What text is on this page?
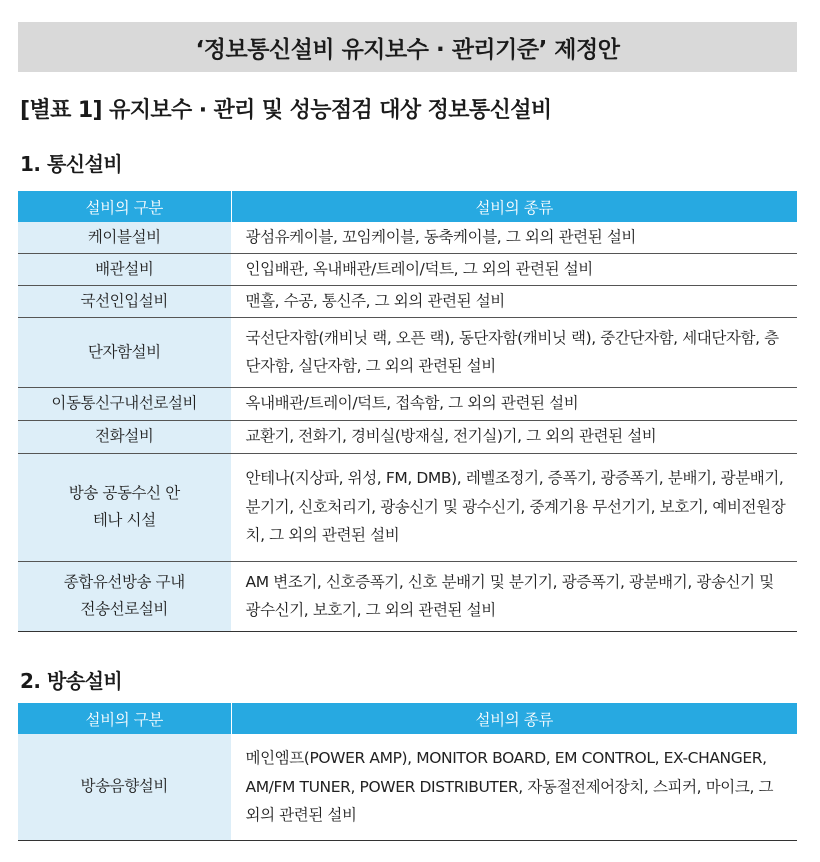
‘정보통신설비 유지보수 · 관리기준’ 제정안
[별표 1] 유지보수 · 관리 및 성능점검 대상 정보통신설비
1. 통신설비
설비의 구분	설비의 종류
케이블설비	광섬유케이블, 꼬임케이블, 동축케이블, 그 외의 관련된 설비
배관설비	인입배관, 옥내배관/트레이/덕트, 그 외의 관련된 설비
국선인입설비	맨홀, 수공, 통신주, 그 외의 관련된 설비
단자함설비	국선단자함(캐비닛 랙, 오픈 랙), 동단자함(캐비닛 랙), 중간단자함, 세대단자함, 층단자함, 실단자함, 그 외의 관련된 설비
이동통신구내선로설비	옥내배관/트레이/덕트, 접속함, 그 외의 관련된 설비
전화설비	교환기, 전화기, 경비실(방재실, 전기실)기, 그 외의 관련된 설비
방송 공동수신 안테나 시설	안테나(지상파, 위성, FM, DMB), 레벨조정기, 증폭기, 광증폭기, 분배기, 광분배기, 분기기, 신호처리기, 광송신기 및 광수신기, 중계기용 무선기기, 보호기, 예비전원장치, 그 외의 관련된 설비
종합유선방송 구내전송선로설비	AM 변조기, 신호증폭기, 신호 분배기 및 분기기, 광증폭기, 광분배기, 광송신기 및 광수신기, 보호기, 그 외의 관련된 설비
2. 방송설비
설비의 구분	설비의 종류
방송음향설비	메인엠프(POWER AMP), MONITOR BOARD, EM CONTROL, EX-CHANGER, AM/FM TUNER, POWER DISTRIBUTER, 자동절전제어장치, 스피커, 마이크, 그 외의 관련된 설비
